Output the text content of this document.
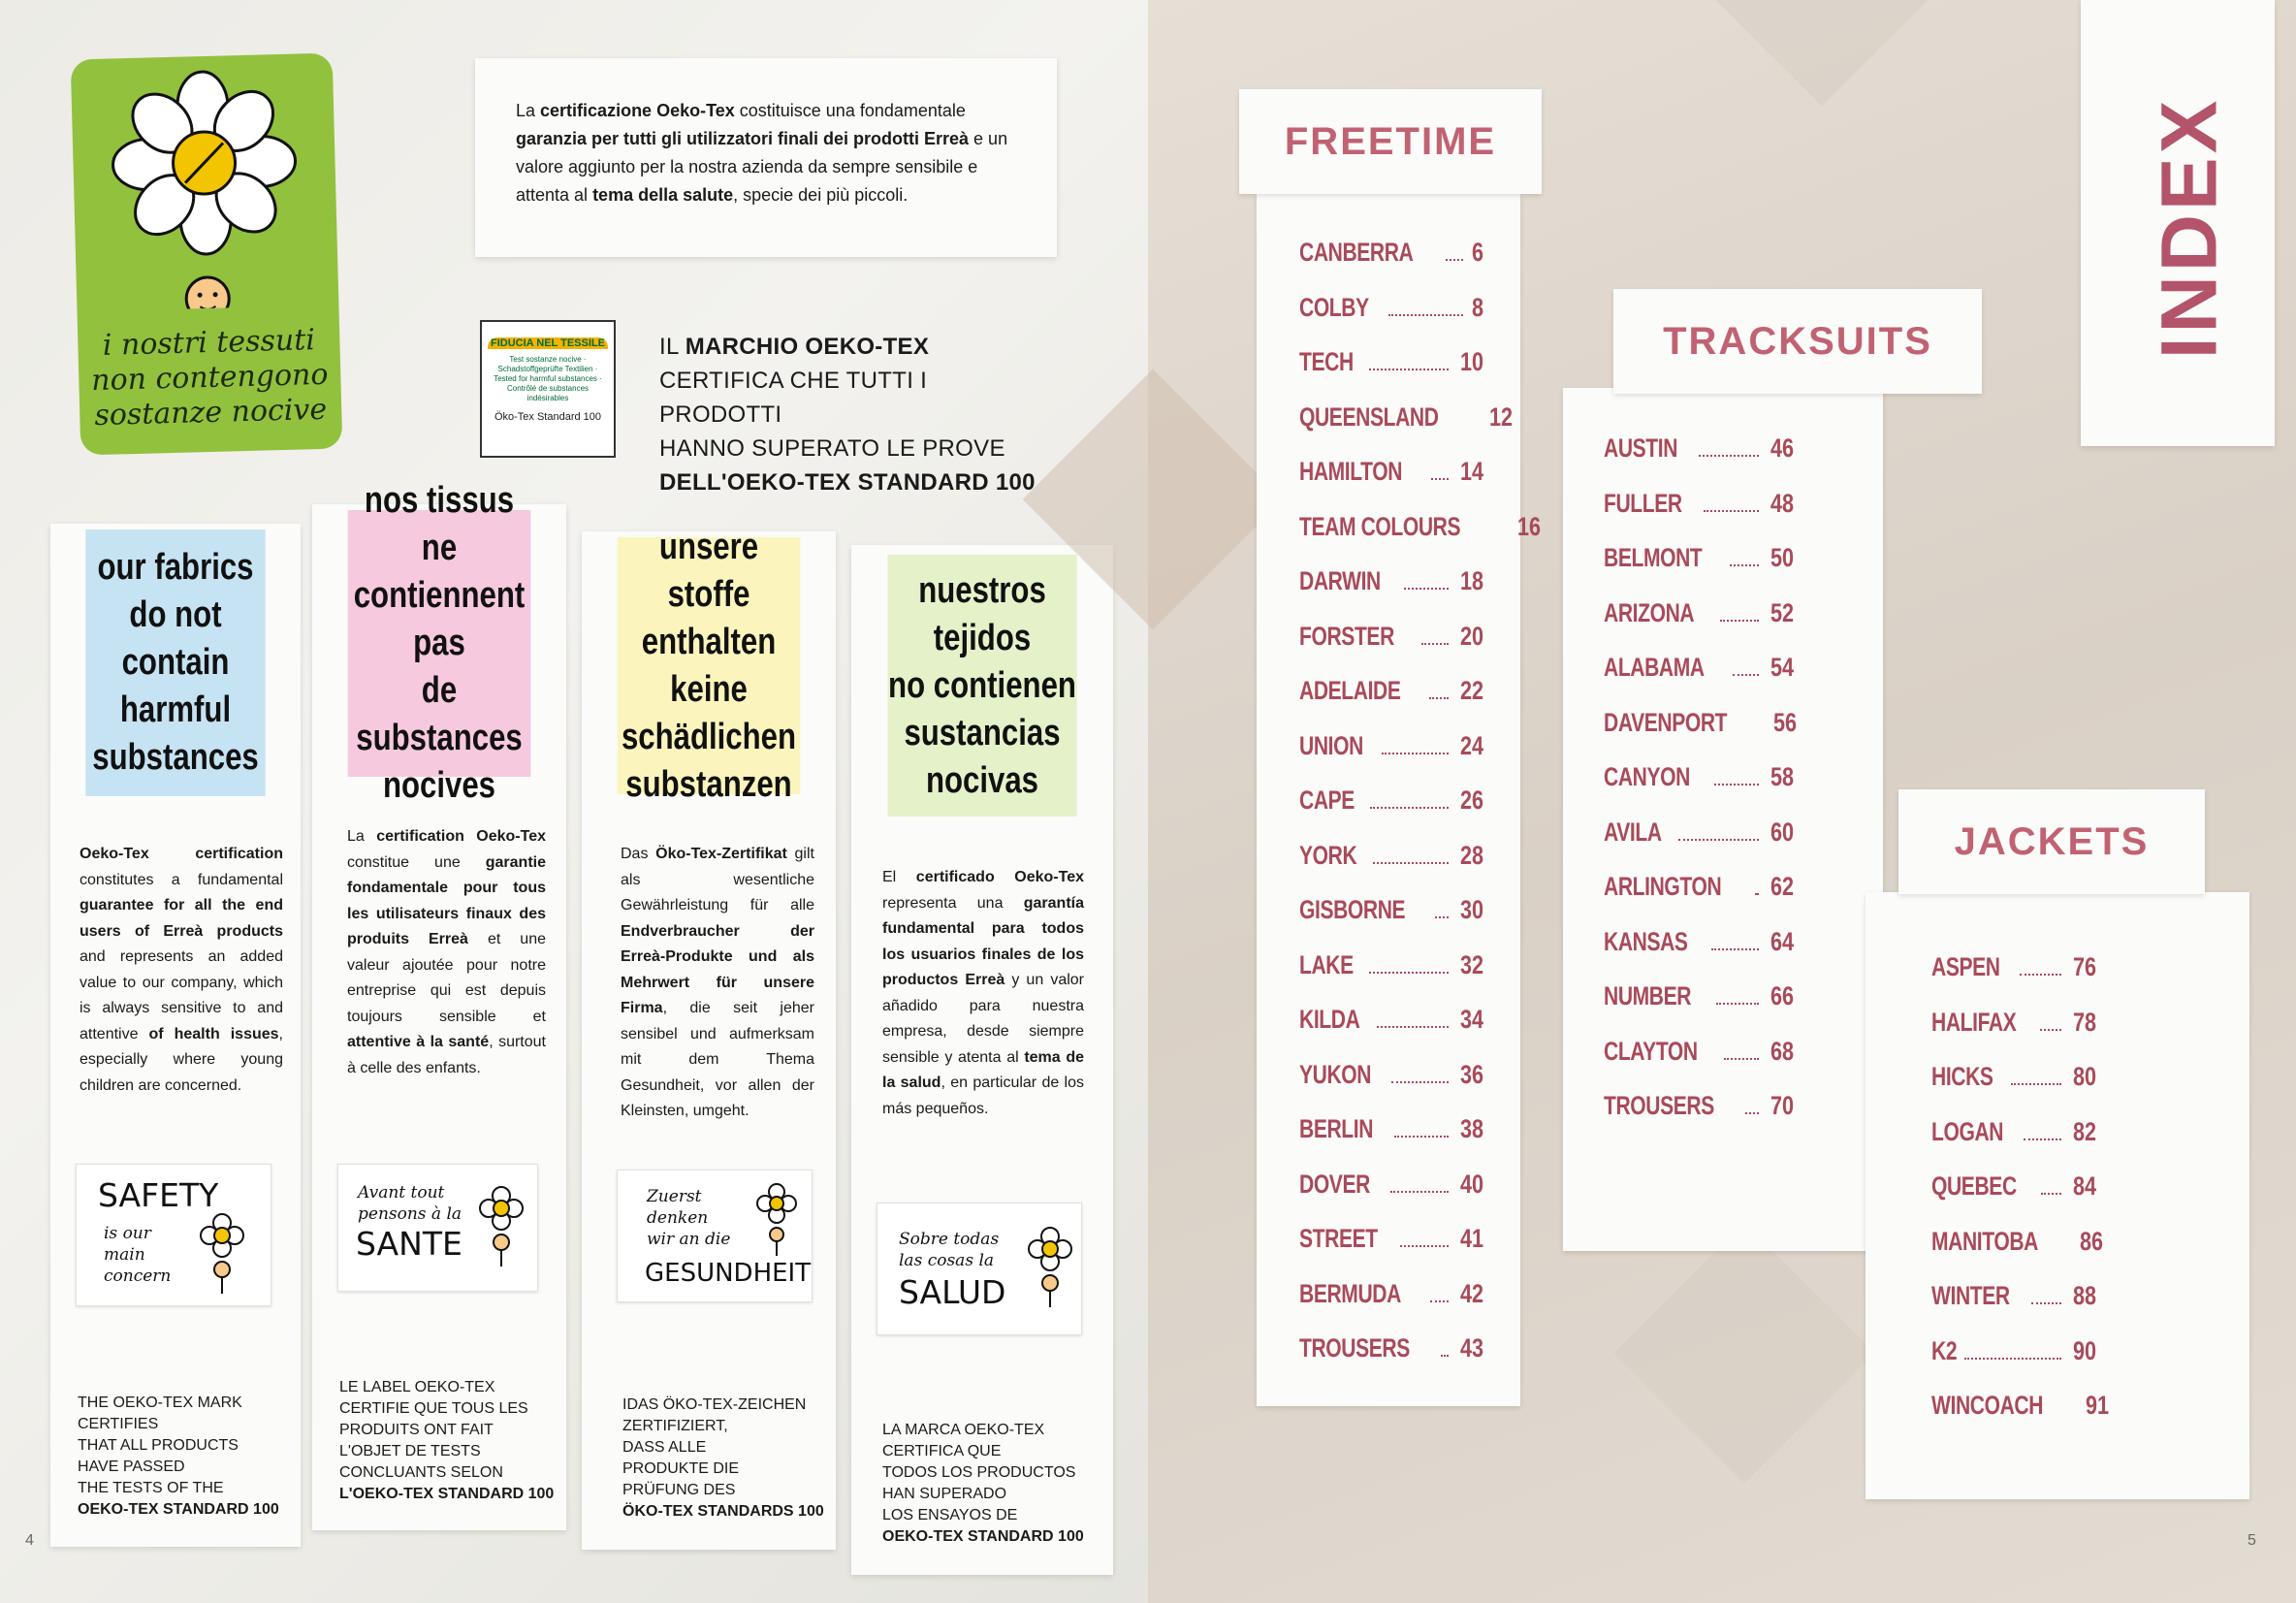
i nostri tessuti
non contengono
sostanze nocive
La certificazione Oeko-Tex costituisce una fondamentale garanzia per tutti gli utilizzatori finali dei prodotti Erreà e un valore aggiunto per la nostra azienda da sempre sensibile e attenta al tema della salute, specie dei più piccoli.
FIDUCIA NEL TESSILE
Test sostanze nocive · Schadstoffgeprüfte Textilien · Tested for harmful substances · Contrôlé de substances indésirables
Öko-Tex Standard 100
IL MARCHIO OEKO-TEX
CERTIFICA CHE TUTTI I PRODOTTI
HANNO SUPERATO LE PROVE
DELL'OEKO-TEX STANDARD 100
our fabrics
do not contain
harmful
substances
Oeko-Tex certification constitutes a fundamental guarantee for all the end users of Erreà products and represents an added value to our company, which is always sensitive to and attentive of health issues, especially where young children are concerned.
SAFETY
is our
main
concern
THE OEKO-TEX MARK
CERTIFIES
THAT ALL PRODUCTS
HAVE PASSED
THE TESTS OF THE
OEKO-TEX STANDARD 100
nos tissus
ne contiennent pas
de substances
nocives
La certification Oeko-Tex constitue une garantie fondamentale pour tous les utilisateurs finaux des produits Erreà et une valeur ajoutée pour notre entreprise qui est depuis toujours sensible et attentive à la santé, surtout à celle des enfants.
Avant tout
pensons à la
SANTE
LE LABEL OEKO-TEX
CERTIFIE QUE TOUS LES
PRODUITS ONT FAIT
L'OBJET DE TESTS
CONCLUANTS SELON
L'OEKO-TEX STANDARD 100
unsere stoffe
enthalten keine
schädlichen
substanzen
Das Öko-Tex-Zertifikat gilt als wesentliche Gewährleistung für alle Endverbraucher der Erreà-Produkte und als Mehrwert für unsere Firma, die seit jeher sensibel und aufmerksam mit dem Thema Gesundheit, vor allen der Kleinsten, umgeht.
Zuerst
denken
wir an die
GESUNDHEIT
IDAS ÖKO-TEX-ZEICHEN
ZERTIFIZIERT,
DASS ALLE
PRODUKTE DIE
PRÜFUNG DES
ÖKO-TEX STANDARDS 100
nuestros tejidos
no contienen
sustancias
nocivas
El certificado Oeko-Tex representa una garantía fundamental para todos los usuarios finales de los productos Erreà y un valor añadido para nuestra empresa, desde siempre sensible y atenta al tema de la salud, en particular de los más pequeños.
Sobre todas
las cosas la
SALUD
LA MARCA OEKO-TEX
CERTIFICA QUE
TODOS LOS PRODUCTOS
HAN SUPERADO
LOS ENSAYOS DE
OEKO-TEX STANDARD 100
4	5
INDEX
FREETIME
CANBERRA 6
COLBY	8
TECH	10
QUEENSLAND 12
HAMILTON 14
TEAM COLOURS 16
DARWIN	18
FORSTER	20
ADELAIDE 22
UNION	24
CAPE	26
YORK	28
GISBORNE 30
LAKE	32
KILDA	34
YUKON	36
BERLIN	38
DOVER	40
STREET	41
BERMUDA 42
TROUSERS 43
TRACKSUITS
AUSTIN	46
FULLER	48
BELMONT	50
ARIZONA	52
ALABAMA	54
DAVENPORT 56
CANYON	58
AVILA	60
ARLINGTON 62
KANSAS	64
NUMBER	66
CLAYTON	68
TROUSERS 70
JACKETS
ASPEN	76
HALIFAX 78
HICKS	80
LOGAN	82
QUEBEC 84
MANITOBA 86
WINTER 88
K2	90
WINCOACH 91
